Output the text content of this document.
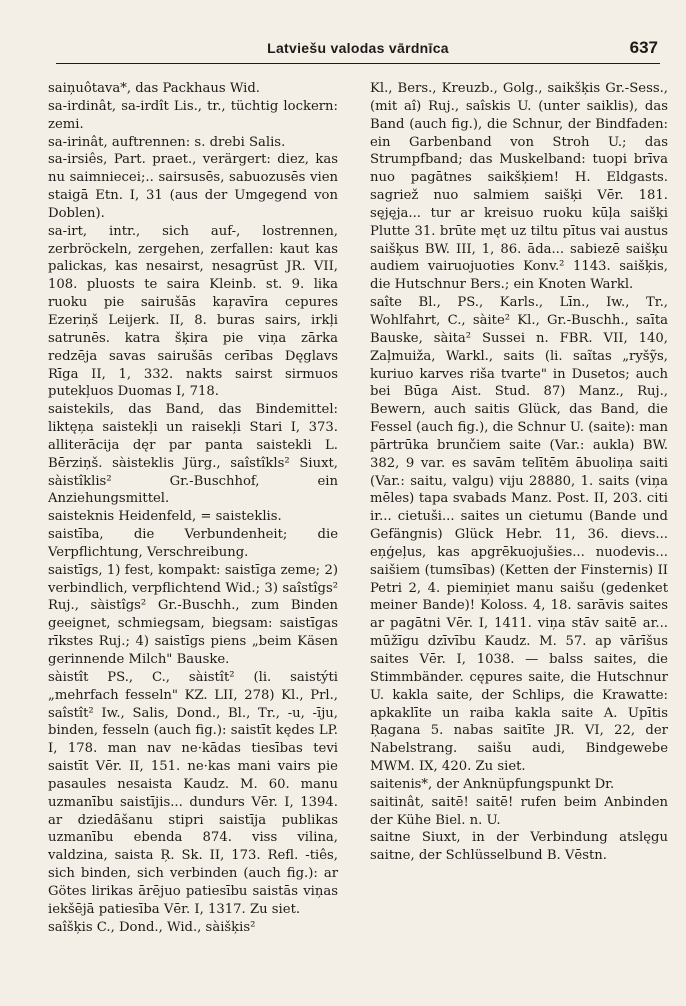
Latviešu valodas vārdnīca	637

saiņuôtava*, das Packhaus Wid.

sa-irdinât, sa-irdît Lis., tr., tüchtig lockern: zemi.

sa-irinât, auftrennen: s. drebi Salis.

sa-irsiês, Part. praet., verärgert: diez, kas nu saimniecei;.. sairsusēs, sabuozusēs vien staigā Etn. I, 31 (aus der Umgegend von Doblen).

sa-irt, intr., sich auf-, lostrennen, zerbröckeln, zergehen, zerfallen: kaut kas palickas, kas nesairst, nesagrūst JR. VII, 108. pluosts te saira Kleinb. st. 9. lika ruoku pie sairušās kaŗavīra cepures Ezeriņš Leijerk. II, 8. buras sairs, irkļi satrunēs. katra šķira pie viņa zārka redzēja savas sairušās cerības Dęglavs Rīga II, 1, 332. nakts sairst sirmuos putekļuos Duomas I, 718.

saistekils, das Band, das Bindemittel: liktęņa saistekļi un raisekļi Stari I, 373. alliterācija dęr par panta saistekli L. Bērziņš. sàisteklis Jürg., saîstîkls² Siuxt, sàistîklis² Gr.-Buschhof, ein Anziehungsmittel.

saisteknis Heidenfeld, = saisteklis.

saistība, die Verbundenheit; die Verpflichtung, Verschreibung.

saistīgs, 1) fest, kompakt: saistīga zeme; 2) verbindlich, verpflichtend Wid.; 3) saîstîgs² Ruj., sàistîgs² Gr.-Buschh., zum Binden geeignet, schmiegsam, biegsam: saistīgas rīkstes Ruj.; 4) saistīgs piens „beim Käsen gerinnende Milch" Bauske.

sàistît PS., C., sàistît² (li. saistýti „mehrfach fesseln" KZ. LII, 278) Kl., Prl., saîstît² Iw., Salis, Dond., Bl., Tr., -u, -īju, binden, fesseln (auch fig.): saistīt kędes LP. I, 178. man nav ne·kādas tiesības tevi saistīt Vēr. II, 151. ne·kas mani vairs pie pasaules nesaista Kaudz. M. 60. manu uzmanību saistījis... dundurs Vēr. I, 1394. ar dziedāšanu stipri saistīja publikas uzmanību ebenda 874. viss vilina, valdzina, saista Ŗ. Sk. II, 173. Refl. -tiês, sich binden, sich verbinden (auch fig.): ar Götes lirikas ārējuo patiesību saistās viņas iekšējā patiesība Vēr. I, 1317. Zu siet.

saîšķis C., Dond., Wid., sàišķis²

Kl., Bers., Kreuzb., Golg., saikšķis Gr.-Sess., (mit aî) Ruj., saîskis U. (unter saiklis), das Band (auch fig.), die Schnur, der Bindfaden: ein Garbenband von Stroh U.; das Strumpfband; das Muskelband: tuopi brīva nuo pagātnes saikšķiem! H. Eldgasts. sagriež nuo salmiem saišķi Vēr. 181. sęjęja... tur ar kreisuo ruoku kūļa saišķi Plutte 31. brūte męt uz tiltu pītus vai austus saišķus BW. III, 1, 86. āda... sabiezē saišķu audiem vairuojuoties Konv.² 1143. saišķis, die Hutschnur Bers.; ein Knoten Warkl.

saîte Bl., PS., Karls., Līn., Iw., Tr., Wohlfahrt, C., sàite² Kl., Gr.-Buschh., saīta Bauske, sàita² Sussei n. FBR. VII, 140, Zaļmuiža, Warkl., saits (li. saĩtas „ryšỹs, kuriuo karves riša tvarte" in Dusetos; auch bei Būga Aist. Stud. 87) Manz., Ruj., Bewern, auch saitis Glück, das Band, die Fessel (auch fig.), die Schnur U. (saite): man pārtrūka brunčiem saite (Var.: aukla) BW. 382, 9 var. es savām telītēm ābuoliņa saiti (Var.: saitu, valgu) viju 28880, 1. saits (viņa mēles) tapa svabads Manz. Post. II, 203. citi ir... cietuši... saites un cietumu (Bande und Gefängnis) Glück Hebr. 11, 36. dievs... eņģeļus, kas apgrēkuojušies... nuodevis... saišiem (tumsības) (Ketten der Finsternis) II Petri 2, 4. piemiņiet manu saišu (gedenket meiner Bande)! Koloss. 4, 18. sarāvis saites ar pagātni Vēr. I, 1411. viņa stāv saitē ar... mūžīgu dzīvību Kaudz. M. 57. ap vārīšus saites Vēr. I, 1038. — balss saites, die Stimmbänder. cępures saite, die Hutschnur U. kakla saite, der Schlips, die Krawatte: apkaklīte un raiba kakla saite A. Upītis Ŗagana 5. nabas saitīte JR. VI, 22, der Nabelstrang. saišu audi, Bindgewebe MWM. IX, 420. Zu siet.

saitenis*, der Anknüpfungspunkt Dr.

saitinât, saitē! saitē! rufen beim Anbinden der Kühe Biel. n. U.

saitne Siuxt, in der Verbindung atslęgu saitne, der Schlüsselbund B. Vēstn.
